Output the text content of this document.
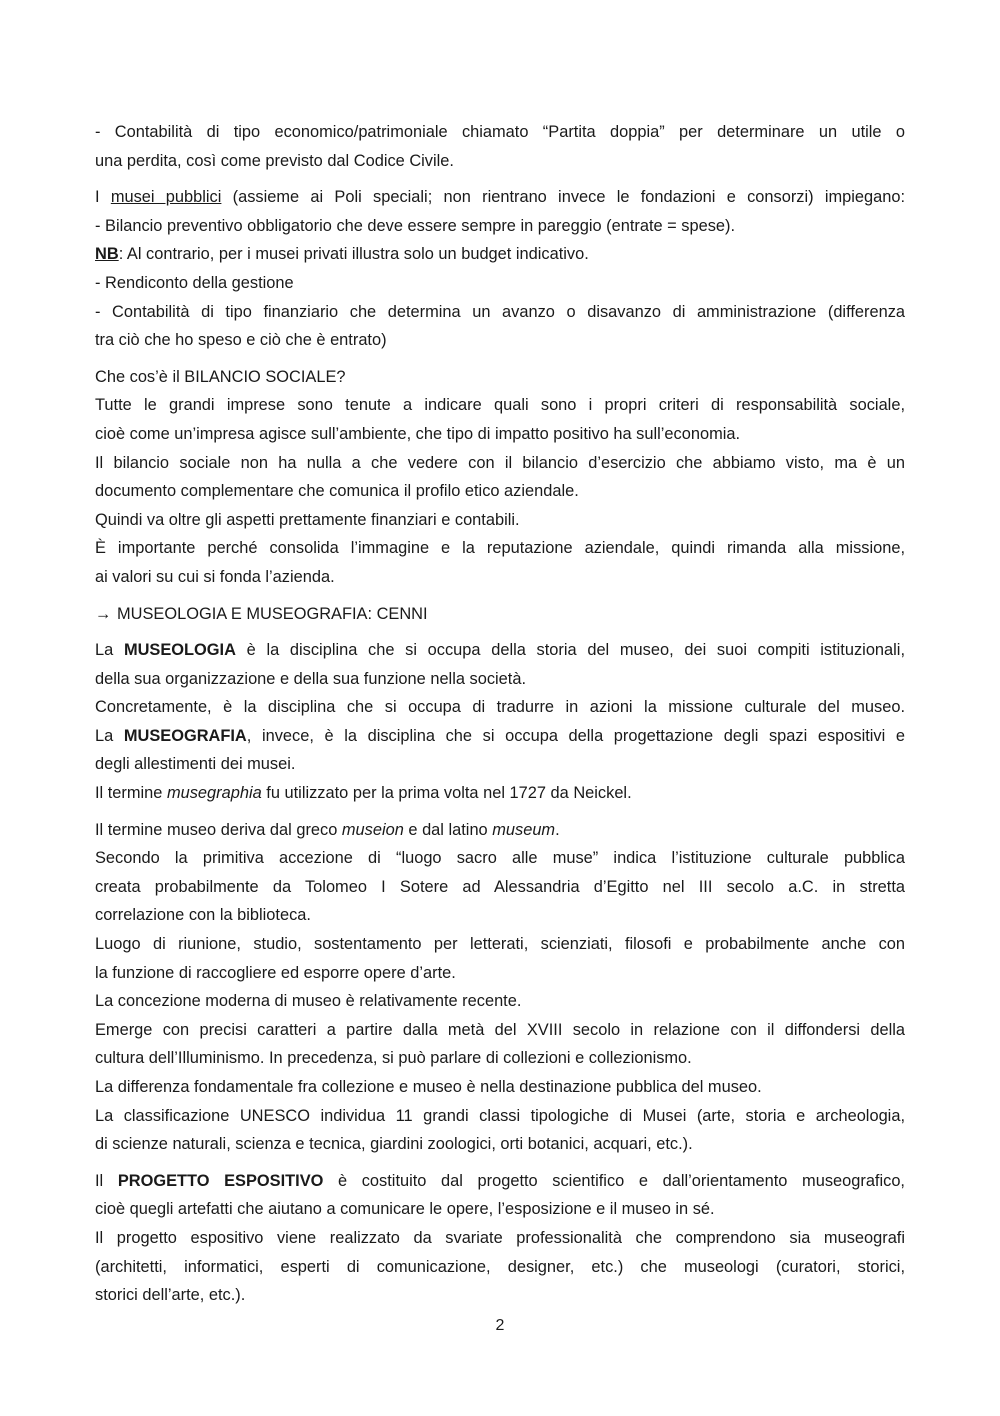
- Contabilità di tipo economico/patrimoniale chiamato “Partita doppia” per determinare un utile o
una perdita, così come previsto dal Codice Civile.

I musei pubblici (assieme ai Poli speciali; non rientrano invece le fondazioni e consorzi) impiegano:
- Bilancio preventivo obbligatorio che deve essere sempre in pareggio (entrate = spese).
NB: Al contrario, per i musei privati illustra solo un budget indicativo.
- Rendiconto della gestione
- Contabilità di tipo finanziario che determina un avanzo o disavanzo di amministrazione (differenza
tra ciò che ho speso e ciò che è entrato)

Che cos’è il BILANCIO SOCIALE?
Tutte le grandi imprese sono tenute a indicare quali sono i propri criteri di responsabilità sociale,
cioè come un’impresa agisce sull’ambiente, che tipo di impatto positivo ha sull’economia.
Il bilancio sociale non ha nulla a che vedere con il bilancio d’esercizio che abbiamo visto, ma è un
documento complementare che comunica il profilo etico aziendale.
Quindi va oltre gli aspetti prettamente finanziari e contabili.
È importante perché consolida l’immagine e la reputazione aziendale, quindi rimanda alla missione,
ai valori su cui si fonda l’azienda.

→ MUSEOLOGIA E MUSEOGRAFIA: CENNI

La MUSEOLOGIA è la disciplina che si occupa della storia del museo, dei suoi compiti istituzionali,
della sua organizzazione e della sua funzione nella società.
Concretamente, è la disciplina che si occupa di tradurre in azioni la missione culturale del museo.
La MUSEOGRAFIA, invece, è la disciplina che si occupa della progettazione degli spazi espositivi e
degli allestimenti dei musei.
Il termine musegraphia fu utilizzato per la prima volta nel 1727 da Neickel.

Il termine museo deriva dal greco museion e dal latino museum.
Secondo la primitiva accezione di “luogo sacro alle muse” indica l’istituzione culturale pubblica
creata probabilmente da Tolomeo I Sotere ad Alessandria d’Egitto nel III secolo a.C. in stretta
correlazione con la biblioteca.
Luogo di riunione, studio, sostentamento per letterati, scienziati, filosofi e probabilmente anche con
la funzione di raccogliere ed esporre opere d’arte.
La concezione moderna di museo è relativamente recente.
Emerge con precisi caratteri a partire dalla metà del XVIII secolo in relazione con il diffondersi della
cultura dell’Illuminismo. In precedenza, si può parlare di collezioni e collezionismo.
La differenza fondamentale fra collezione e museo è nella destinazione pubblica del museo.
La classificazione UNESCO individua 11 grandi classi tipologiche di Musei (arte, storia e archeologia,
di scienze naturali, scienza e tecnica, giardini zoologici, orti botanici, acquari, etc.).

Il PROGETTO ESPOSITIVO è costituito dal progetto scientifico e dall’orientamento museografico,
cioè quegli artefatti che aiutano a comunicare le opere, l’esposizione e il museo in sé.
Il progetto espositivo viene realizzato da svariate professionalità che comprendono sia museografi
(architetti, informatici, esperti di comunicazione, designer, etc.) che museologi (curatori, storici,
storici dell’arte, etc.).

2
